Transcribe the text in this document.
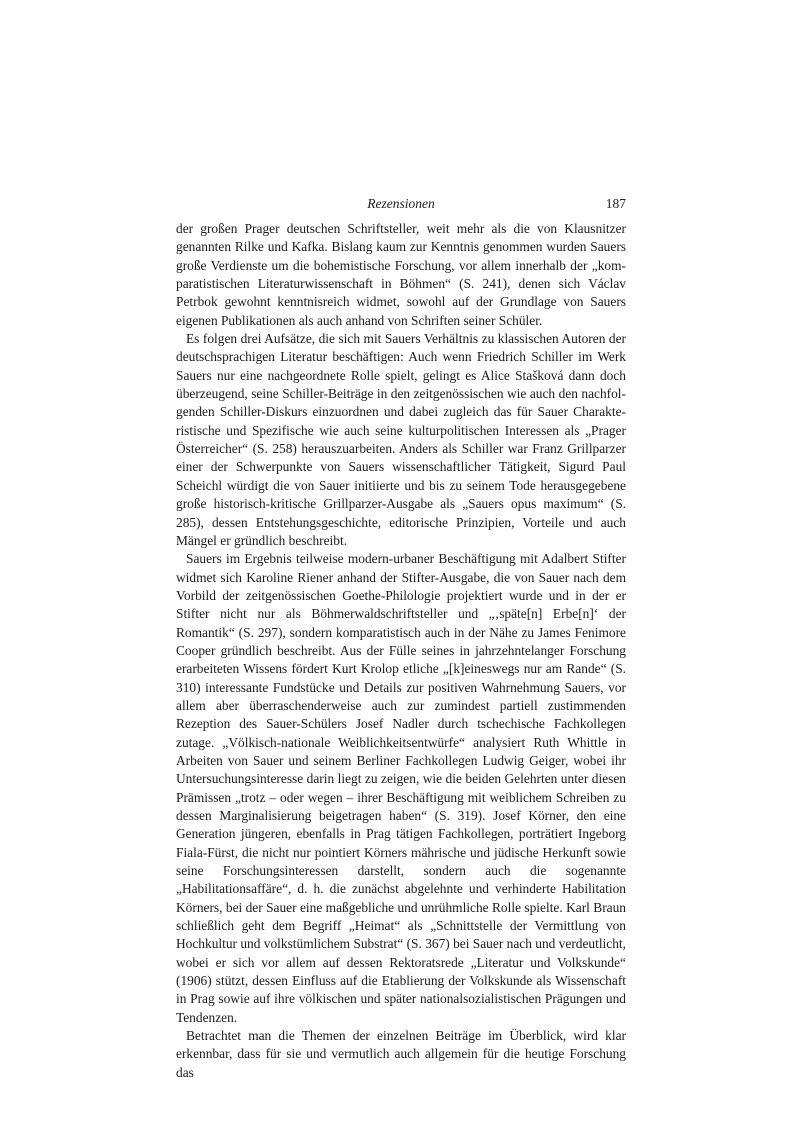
Rezensionen	187

der großen Prager deutschen Schriftsteller, weit mehr als die von Klausnitzer genannten Rilke und Kafka. Bislang kaum zur Kenntnis genommen wurden Sauers große Verdienste um die bohemistische Forschung, vor allem innerhalb der „komparatistischen Literaturwissenschaft in Böhmen“ (S. 241), denen sich Václav Petrbok gewohnt kenntnisreich widmet, sowohl auf der Grundlage von Sauers eigenen Publikationen als auch anhand von Schriften seiner Schüler.

Es folgen drei Aufsätze, die sich mit Sauers Verhältnis zu klassischen Autoren der deutschsprachigen Literatur beschäftigen: Auch wenn Friedrich Schiller im Werk Sauers nur eine nachgeordnete Rolle spielt, gelingt es Alice Stašková dann doch überzeugend, seine Schiller-Beiträge in den zeitgenössischen wie auch den nachfolgenden Schiller-Diskurs einzuordnen und dabei zugleich das für Sauer Charakteristische und Spezifische wie auch seine kulturpolitischen Interessen als „Prager Österreicher“ (S. 258) herauszuarbeiten. Anders als Schiller war Franz Grillparzer einer der Schwerpunkte von Sauers wissenschaftlicher Tätigkeit, Sigurd Paul Scheichl würdigt die von Sauer initiierte und bis zu seinem Tode herausgegebene große historisch-kritische Grillparzer-Ausgabe als „Sauers opus maximum“ (S. 285), dessen Entstehungsgeschichte, editorische Prinzipien, Vorteile und auch Mängel er gründlich beschreibt.

Sauers im Ergebnis teilweise modern-urbaner Beschäftigung mit Adalbert Stifter widmet sich Karoline Riener anhand der Stifter-Ausgabe, die von Sauer nach dem Vorbild der zeitgenössischen Goethe-Philologie projektiert wurde und in der er Stifter nicht nur als Böhmerwaldschriftsteller und „‚späte[n] Erbe[n]‘ der Romantik“ (S. 297), sondern komparatistisch auch in der Nähe zu James Fenimore Cooper gründlich beschreibt. Aus der Fülle seines in jahrzehntelanger Forschung erarbeiteten Wissens fördert Kurt Krolop etliche „[k]eineswegs nur am Rande“ (S. 310) interessante Fundstücke und Details zur positiven Wahrnehmung Sauers, vor allem aber überraschenderweise auch zur zumindest partiell zustimmenden Rezeption des Sauer-Schülers Josef Nadler durch tschechische Fachkollegen zutage. „Völkisch-nationale Weiblichkeitsentwürfe“ analysiert Ruth Whittle in Arbeiten von Sauer und seinem Berliner Fachkollegen Ludwig Geiger, wobei ihr Untersuchungsinteresse darin liegt zu zeigen, wie die beiden Gelehrten unter diesen Prämissen „trotz – oder wegen – ihrer Beschäftigung mit weiblichem Schreiben zu dessen Marginalisierung beigetragen haben“ (S. 319). Josef Körner, den eine Generation jüngeren, ebenfalls in Prag tätigen Fachkollegen, porträtiert Ingeborg Fiala-Fürst, die nicht nur pointiert Körners mährische und jüdische Herkunft sowie seine Forschungsinteressen darstellt, sondern auch die sogenannte „Habilitationsaffäre“, d. h. die zunächst abgelehnte und verhinderte Habilitation Körners, bei der Sauer eine maßgebliche und unrühmliche Rolle spielte. Karl Braun schließlich geht dem Begriff „Heimat“ als „Schnittstelle der Vermittlung von Hochkultur und volkstümlichem Substrat“ (S. 367) bei Sauer nach und verdeutlicht, wobei er sich vor allem auf dessen Rektoratsrede „Literatur und Volkskunde“ (1906) stützt, dessen Einfluss auf die Etablierung der Volkskunde als Wissenschaft in Prag sowie auf ihre völkischen und später nationalsozialistischen Prägungen und Tendenzen.

Betrachtet man die Themen der einzelnen Beiträge im Überblick, wird klar erkennbar, dass für sie und vermutlich auch allgemein für die heutige Forschung das
